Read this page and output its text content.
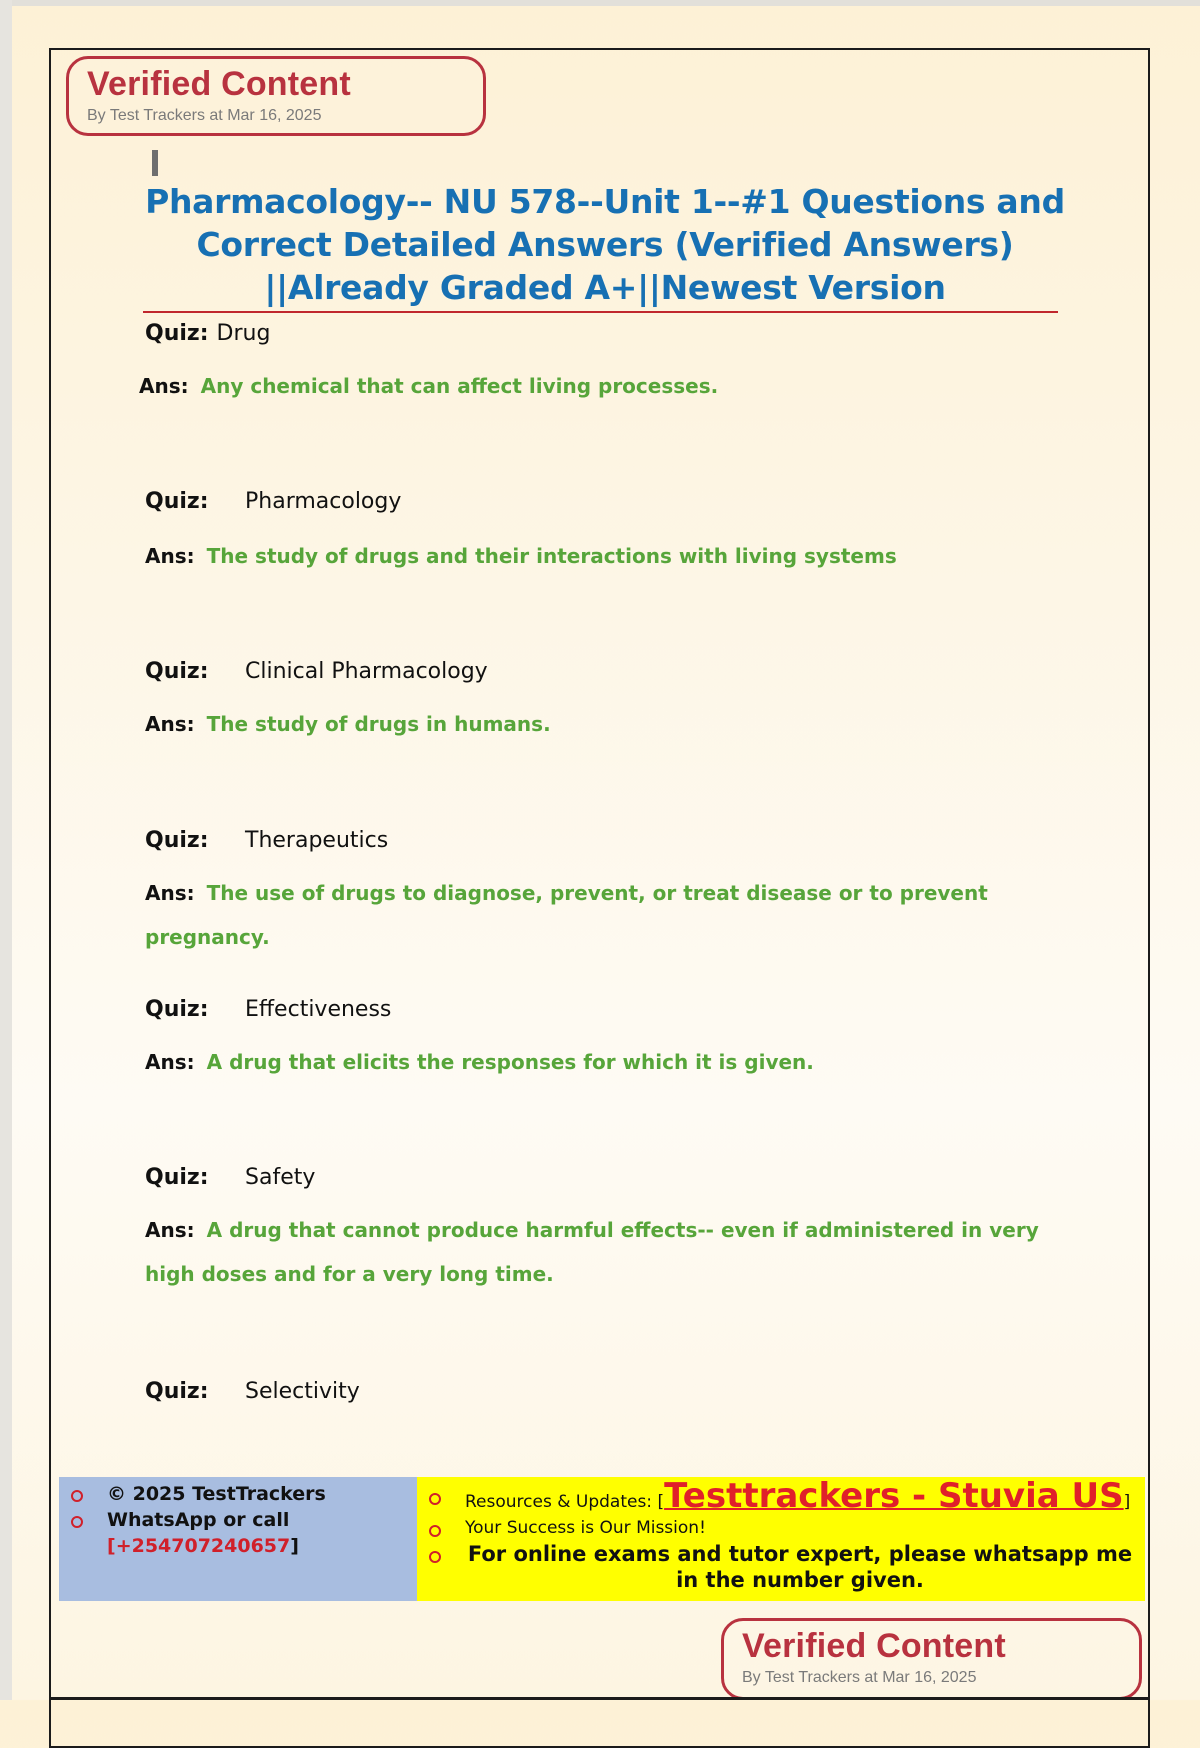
Verified Content
By Test Trackers at Mar 16, 2025
Pharmacology-- NU 578--Unit 1--#1 Questions and Correct Detailed Answers (Verified Answers) ||Already Graded A+||Newest Version
Quiz: Drug
Ans: Any chemical that can affect living processes.
Quiz: Pharmacology
Ans: The study of drugs and their interactions with living systems
Quiz: Clinical Pharmacology
Ans: The study of drugs in humans.
Quiz: Therapeutics
Ans: The use of drugs to diagnose, prevent, or treat disease or to prevent pregnancy.
Quiz: Effectiveness
Ans: A drug that elicits the responses for which it is given.
Quiz: Safety
Ans: A drug that cannot produce harmful effects-- even if administered in very high doses and for a very long time.
Quiz: Selectivity
© 2025 TestTrackers
WhatsApp or call
[+254707240657]
Resources & Updates: [Testtrackers - Stuvia US]
Your Success is Our Mission!
For online exams and tutor expert, please whatsapp me in the number given.
Verified Content
By Test Trackers at Mar 16, 2025
